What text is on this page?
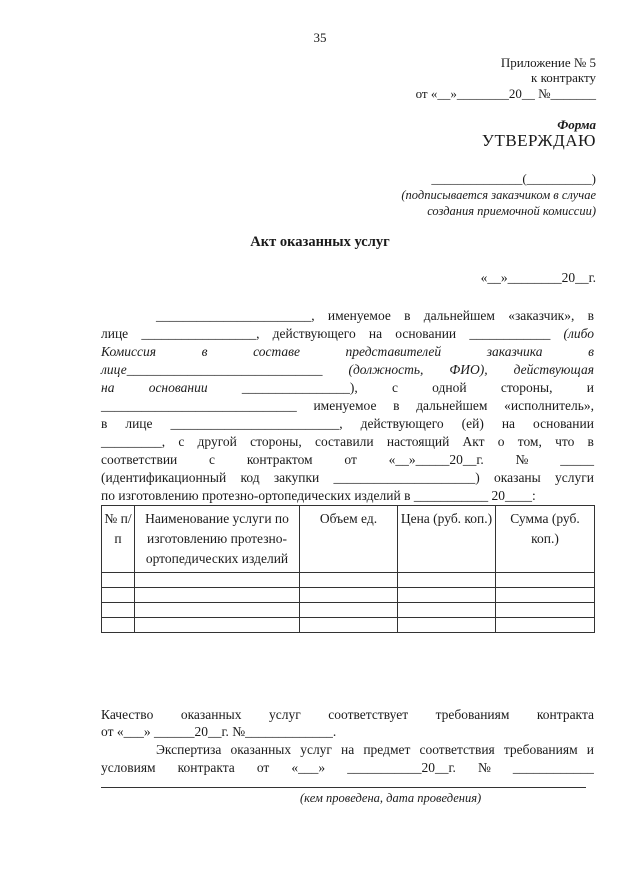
35
Приложение № 5
к контракту
от «__»________20__ №_______
Форма
УТВЕРЖДАЮ
______________(__________)
(подписывается заказчиком в случае
создания приемочной комиссии)
Акт оказанных услуг
«__»________20__г.
_______________________, именуемое в дальнейшем «заказчик», в
лице _________________, действующего на основании ____________ (либо
Комиссия	в	составе	представителей	заказчика	в
лице_____________________________ (должность, ФИО), действующая
на	основании	________________),	с	одной	стороны,	и
_____________________________ именуемое в дальнейшем «исполнитель»,
в лице _________________________, действующего (ей) на основании
_________, с другой стороны, составили настоящий Акт о том, что в
соответствии с контрактом от «__»_____20__г. № _____
(идентификационный код закупки _____________________) оказаны услуги
по изготовлению протезно-ортопедических изделий в ___________ 20____:
№ п/п	Наименование услуги по изготовлению протезно-ортопедических изделий	Объем ед.	Цена (руб. коп.)	Сумма (руб. коп.)

Качество оказанных услуг соответствует требованиям контракта
от «___» ______20__г. №_____________.
Экспертиза оказанных услуг на предмет соответствия требованиям и
условиям контракта от «___» ___________20__г. № ____________
(кем проведена, дата проведения)
